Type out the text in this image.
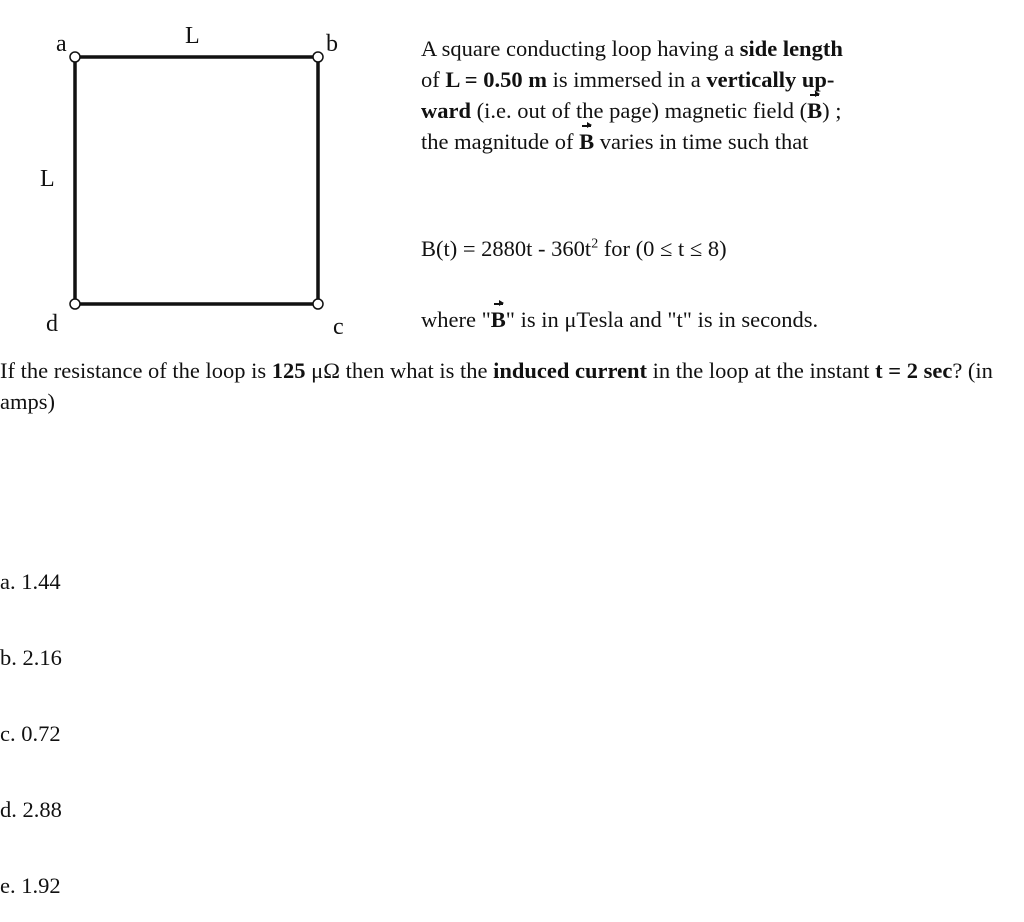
a	L	b
L
d	c

A square conducting loop having a side length
of L = 0.50 m is immersed in a vertically up-
ward (i.e. out of the page) magnetic field (B) ;
the magnitude of B varies in time such that

$B(t) = 2880t - 360t^2$ for (0 ≤ t ≤ 8)
where "B" is in μTesla and "t" is in seconds.
If the resistance of the loop is 125 μΩ then what is the induced current in the loop at the instant t = 2 sec? (in amps)
a. 1.44
b. 2.16
c. 0.72
d. 2.88
e. 1.92
